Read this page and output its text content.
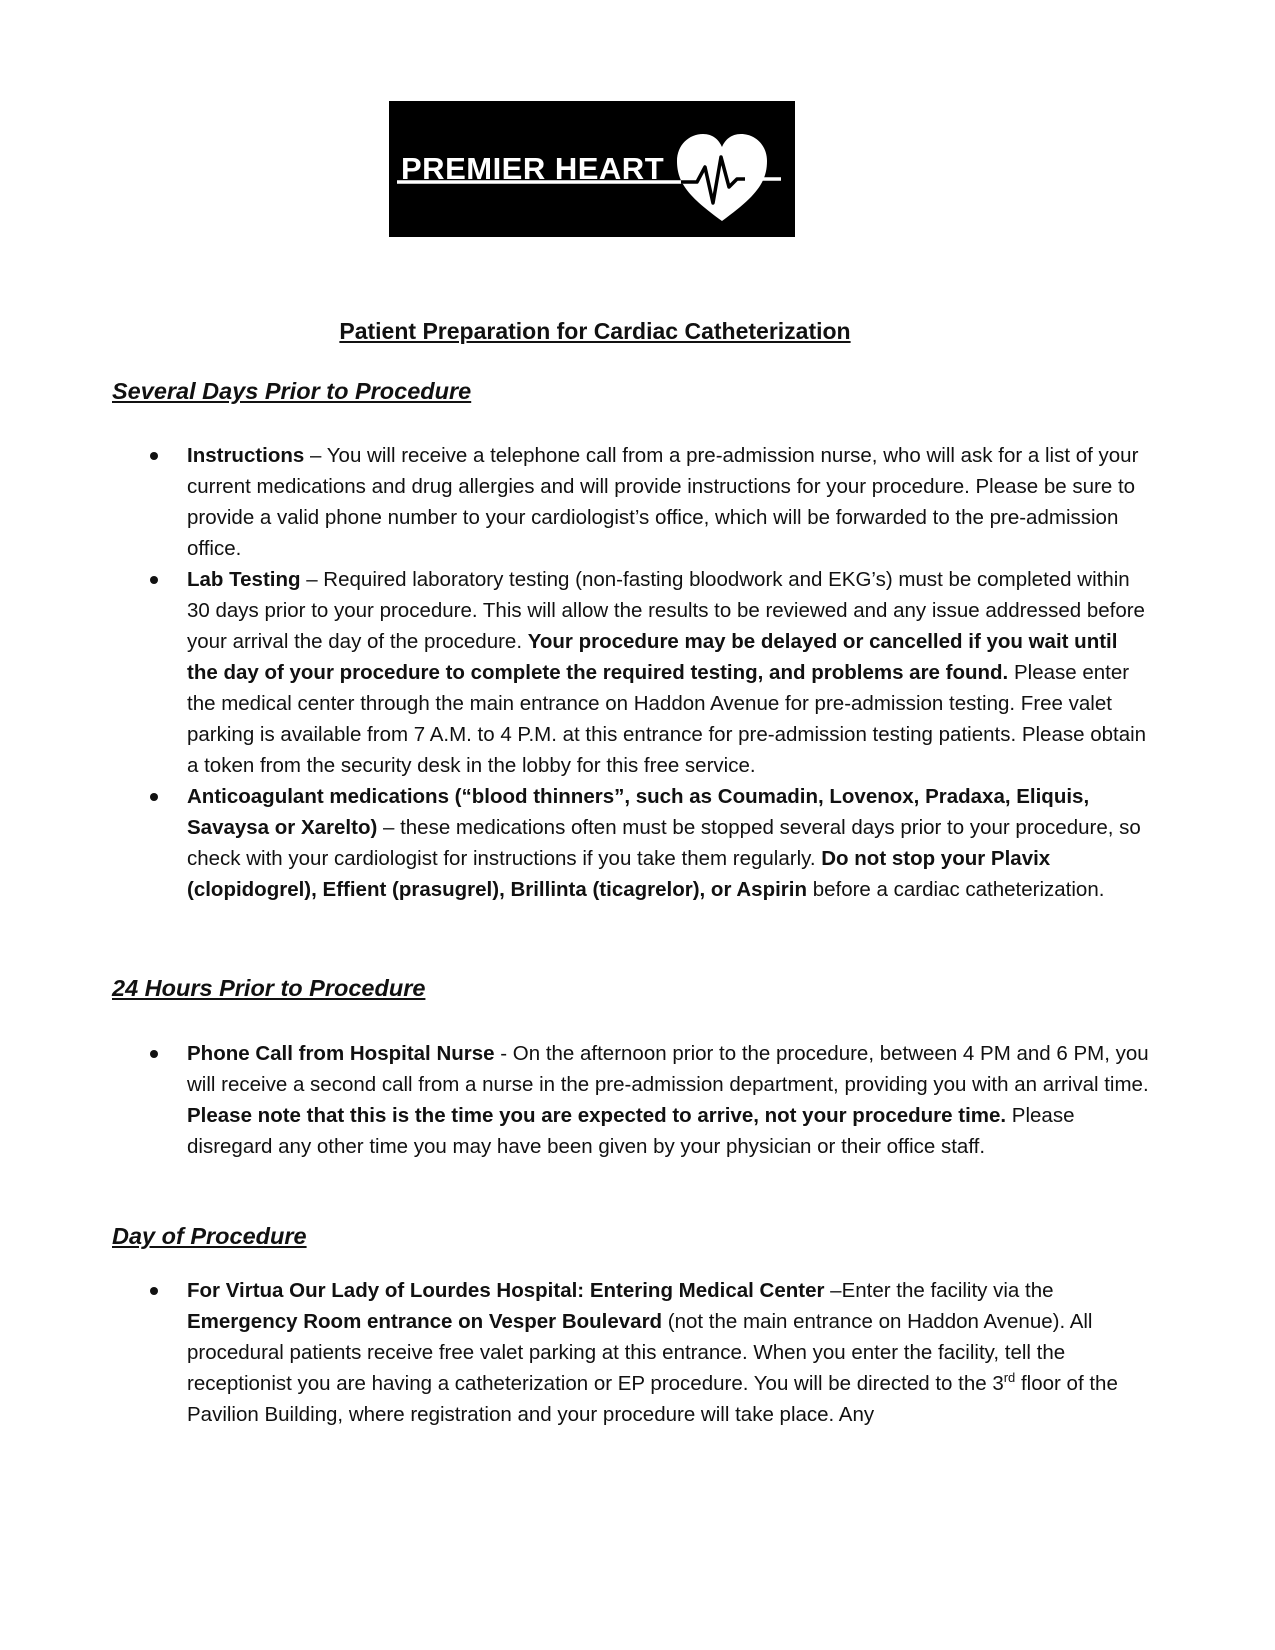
PREMIER HEART
Patient Preparation for Cardiac Catheterization
Several Days Prior to Procedure
Instructions – You will receive a telephone call from a pre-admission nurse, who will ask for a list of your current medications and drug allergies and will provide instructions for your procedure. Please be sure to provide a valid phone number to your cardiologist’s office, which will be forwarded to the pre-admission office.
Lab Testing – Required laboratory testing (non-fasting bloodwork and EKG’s) must be completed within 30 days prior to your procedure. This will allow the results to be reviewed and any issue addressed before your arrival the day of the procedure. Your procedure may be delayed or cancelled if you wait until the day of your procedure to complete the required testing, and problems are found. Please enter the medical center through the main entrance on Haddon Avenue for pre-admission testing. Free valet parking is available from 7 A.M. to 4 P.M. at this entrance for pre-admission testing patients. Please obtain a token from the security desk in the lobby for this free service.
Anticoagulant medications (“blood thinners”, such as Coumadin, Lovenox, Pradaxa, Eliquis, Savaysa or Xarelto) – these medications often must be stopped several days prior to your procedure, so check with your cardiologist for instructions if you take them regularly. Do not stop your Plavix (clopidogrel), Effient (prasugrel), Brillinta (ticagrelor), or Aspirin before a cardiac catheterization.
24 Hours Prior to Procedure
Phone Call from Hospital Nurse - On the afternoon prior to the procedure, between 4 PM and 6 PM, you will receive a second call from a nurse in the pre-admission department, providing you with an arrival time. Please note that this is the time you are expected to arrive, not your procedure time. Please disregard any other time you may have been given by your physician or their office staff.
Day of Procedure
For Virtua Our Lady of Lourdes Hospital: Entering Medical Center –Enter the facility via the Emergency Room entrance on Vesper Boulevard (not the main entrance on Haddon Avenue). All procedural patients receive free valet parking at this entrance. When you enter the facility, tell the receptionist you are having a catheterization or EP procedure. You will be directed to the 3rd floor of the Pavilion Building, where registration and your procedure will take place. Any
